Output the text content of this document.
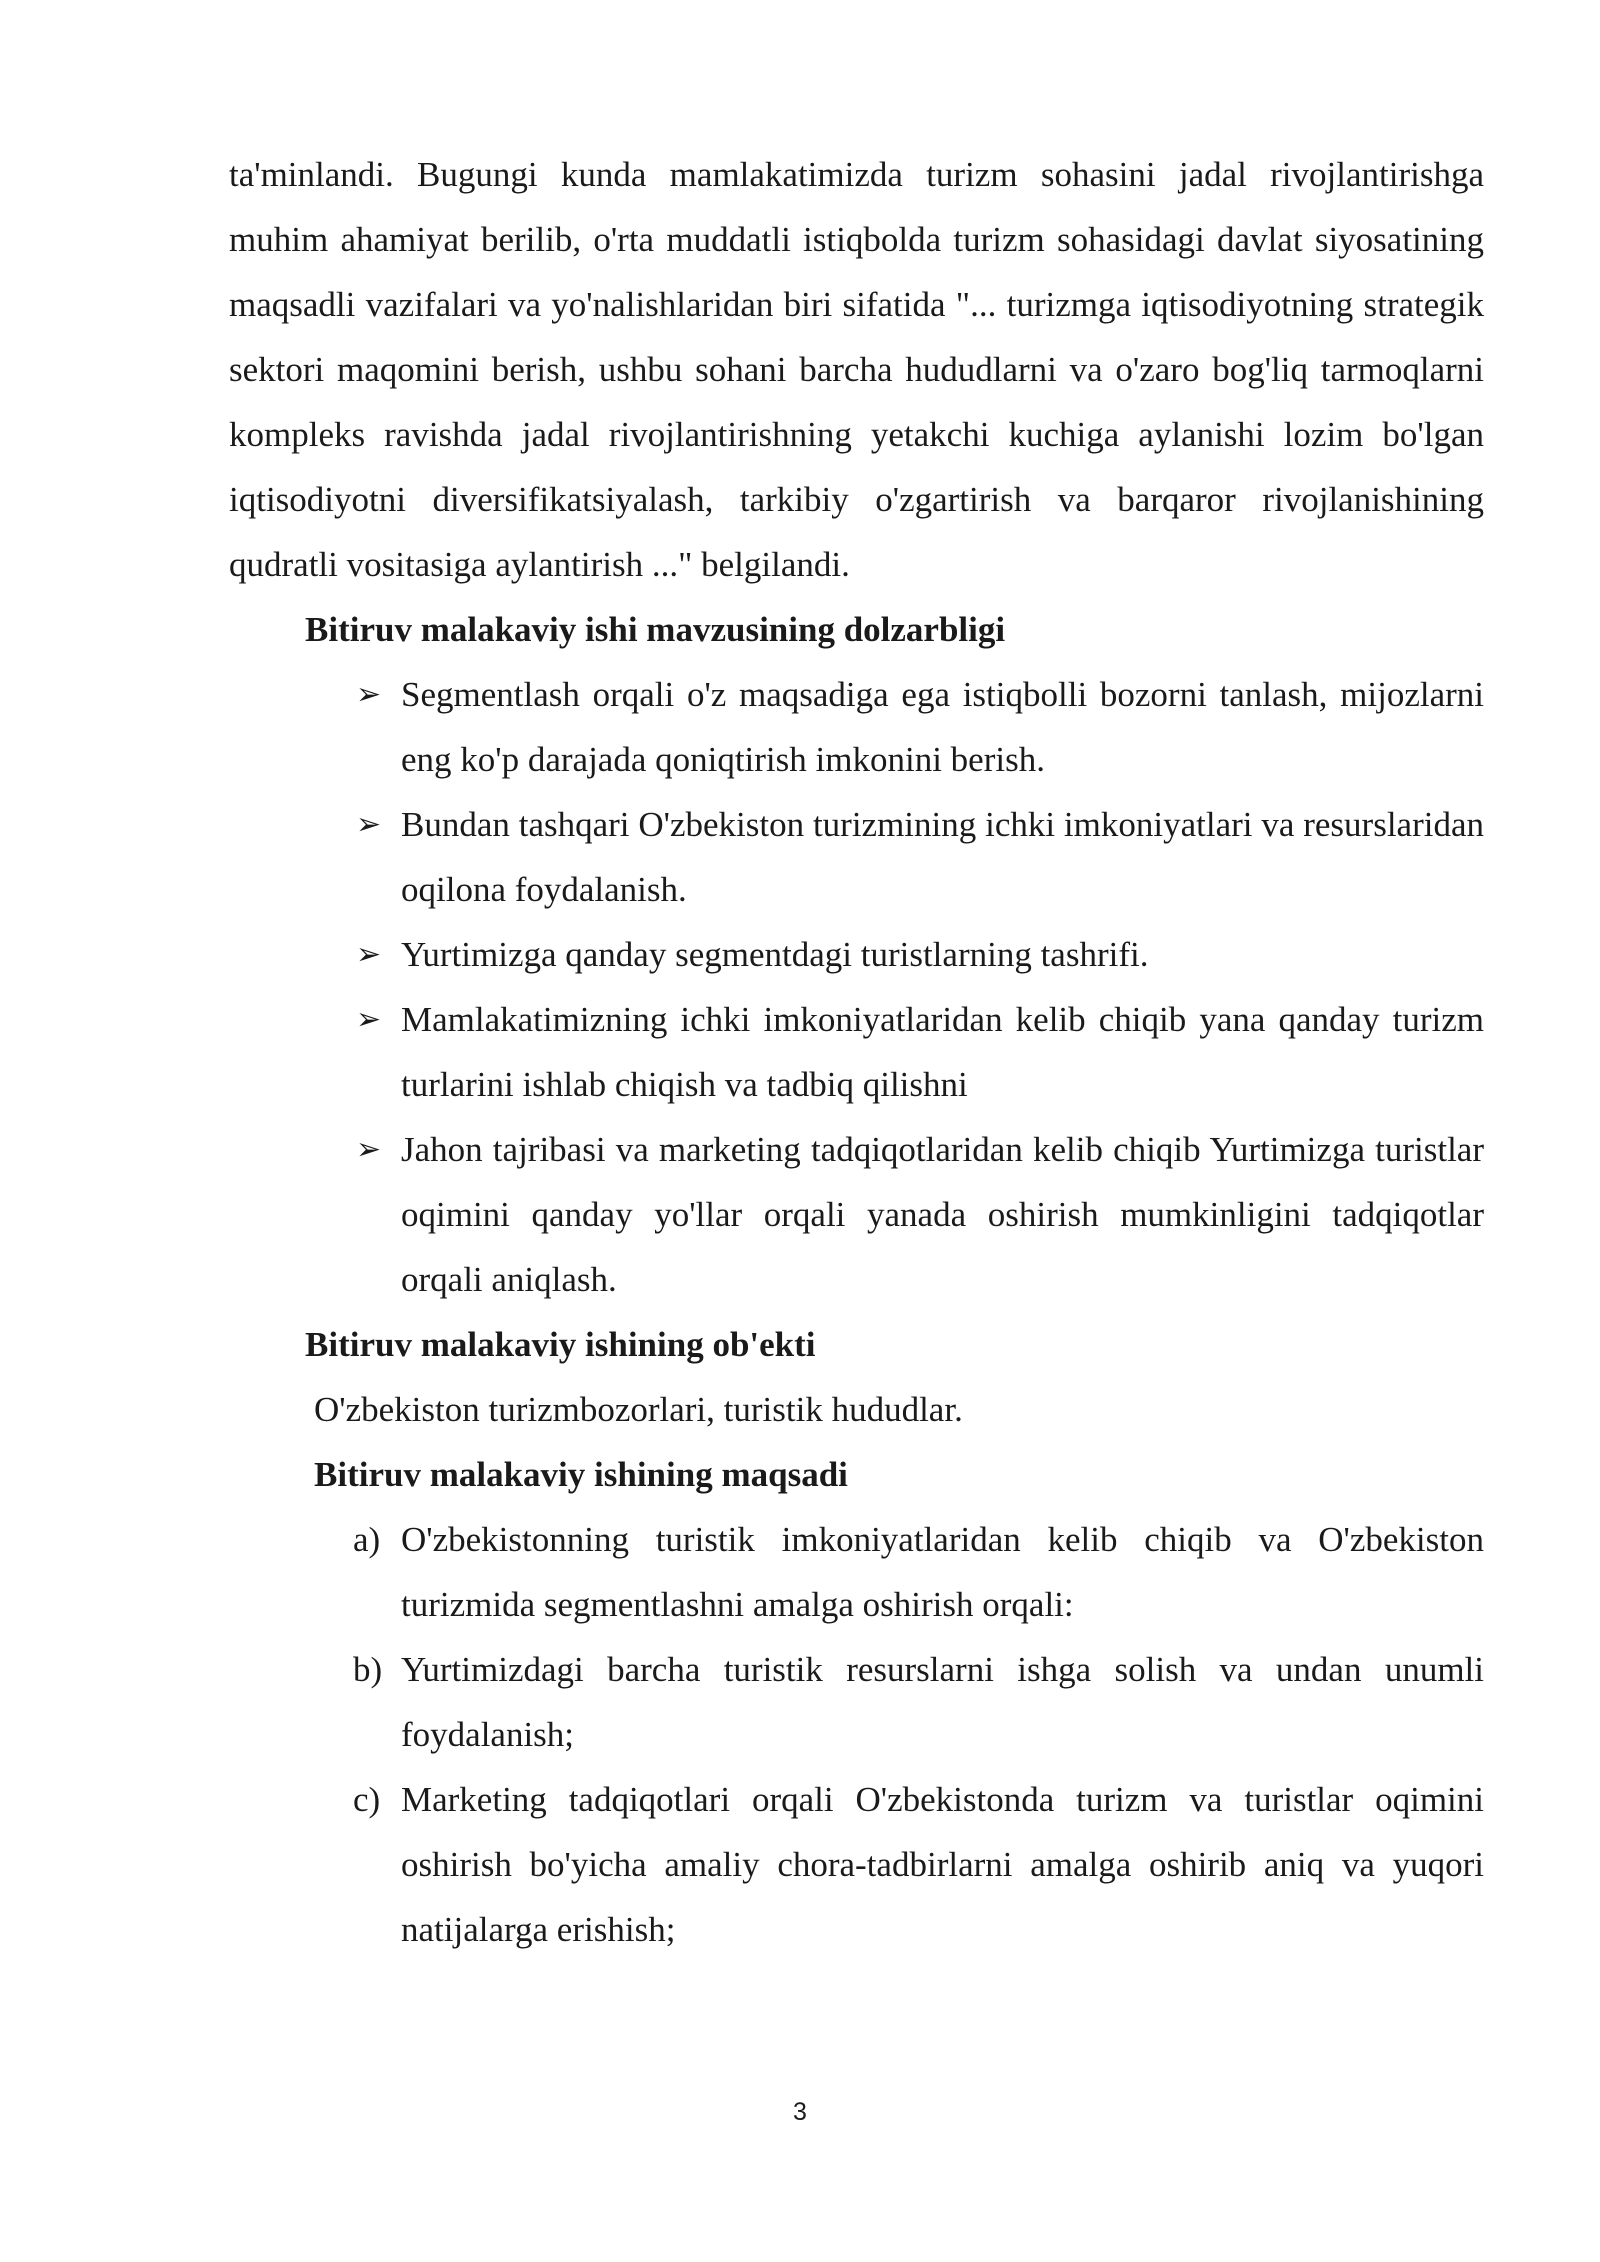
ta'minlandi. Bugungi kunda mamlakatimizda turizm sohasini jadal rivojlantirishga muhim ahamiyat berilib, o'rta muddatli istiqbolda turizm sohasidagi davlat siyosatining maqsadli vazifalari va yo'nalishlaridan biri sifatida "... turizmga iqtisodiyotning strategik sektori maqomini berish, ushbu sohani barcha hududlarni va o'zaro bog'liq tarmoqlarni kompleks ravishda jadal rivojlantirishning yetakchi kuchiga aylanishi lozim bo'lgan iqtisodiyotni diversifikatsiyalash, tarkibiy o'zgartirish va barqaror rivojlanishining qudratli vositasiga aylantirish ..." belgilandi.

Bitiruv malakaviy ishi mavzusining dolzarbligi

➢ Segmentlash orqali o'z maqsadiga ega istiqbolli bozorni tanlash, mijozlarni eng ko'p darajada qoniqtirish imkonini berish.
➢ Bundan tashqari O'zbekiston turizmining ichki imkoniyatlari va resurslaridan oqilona foydalanish.
➢ Yurtimizga qanday segmentdagi turistlarning tashrifi.
➢ Mamlakatimizning ichki imkoniyatlaridan kelib chiqib yana qanday turizm turlarini ishlab chiqish va tadbiq qilishni
➢ Jahon tajribasi va marketing tadqiqotlaridan kelib chiqib Yurtimizga turistlar oqimini qanday yo'llar orqali yanada oshirish mumkinligini tadqiqotlar orqali aniqlash.

Bitiruv malakaviy ishining ob'ekti

O'zbekiston turizmbozorlari, turistik hududlar.

Bitiruv malakaviy ishining maqsadi

a) O'zbekistonning turistik imkoniyatlaridan kelib chiqib va O'zbekiston turizmida segmentlashni amalga oshirish orqali:
b) Yurtimizdagi barcha turistik resurslarni ishga solish va undan unumli foydalanish;
c) Marketing tadqiqotlari orqali O'zbekistonda turizm va turistlar oqimini oshirish bo'yicha amaliy chora-tadbirlarni amalga oshirib aniq va yuqori natijalarga erishish;
3
